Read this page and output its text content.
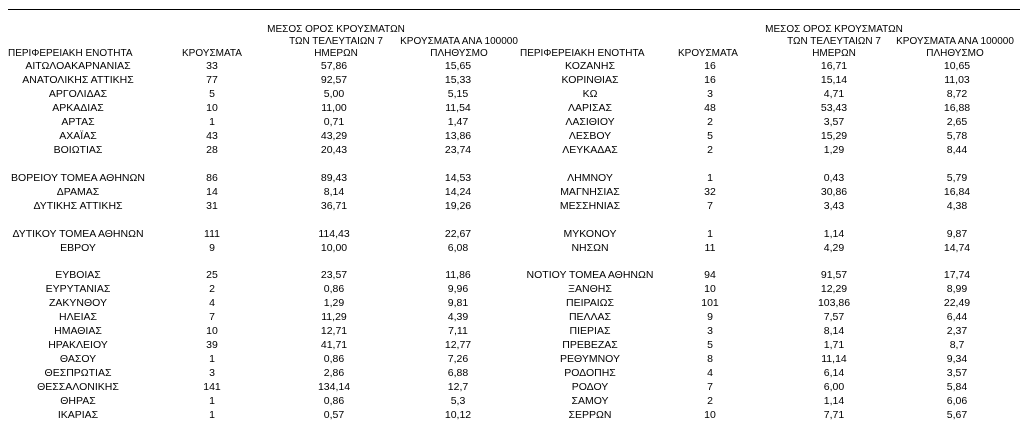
ΠΕΡΙΦΕΡΕΙΑΚΗ ΕΝΟΤΗΤΑ	ΚΡΟΥΣΜΑΤΑ
ΜΕΣΟΣ ΟΡΟΣ ΚΡΟΥΣΜΑΤΩΝ
ΤΩΝ ΤΕΛΕΥΤΑΙΩΝ 7
ΗΜΕΡΩΝ
ΚΡΟΥΣΜΑΤΑ ΑΝΑ 100000
ΠΛΗΘΥΣΜΟ	ΠΕΡΙΦΕΡΕΙΑΚΗ ΕΝΟΤΗΤΑ	ΚΡΟΥΣΜΑΤΑ
ΜΕΣΟΣ ΟΡΟΣ ΚΡΟΥΣΜΑΤΩΝ
ΤΩΝ ΤΕΛΕΥΤΑΙΩΝ 7
ΗΜΕΡΩΝ
ΚΡΟΥΣΜΑΤΑ ΑΝΑ 100000
ΠΛΗΘΥΣΜΟ
ΑΙΤΩΛΟΑΚΑΡΝΑΝΙΑΣ	33	57,86	15,65
ΑΝΑΤΟΛΙΚΗΣ ΑΤΤΙΚΗΣ	77	92,57	15,33
ΑΡΓΟΛΙΔΑΣ	5	5,00	5,15
ΑΡΚΑΔΙΑΣ	10	11,00	11,54
ΑΡΤΑΣ	1	0,71	1,47
ΑΧΑΪΑΣ	43	43,29	13,86
ΒΟΙΩΤΙΑΣ	28	20,43	23,74
ΒΟΡΕΙΟΥ ΤΟΜΕΑ ΑΘΗΝΩΝ	86	89,43	14,53
ΔΡΑΜΑΣ	14	8,14	14,24
ΔΥΤΙΚΗΣ ΑΤΤΙΚΗΣ	31	36,71	19,26
ΔΥΤΙΚΟΥ ΤΟΜΕΑ ΑΘΗΝΩΝ	111	114,43	22,67
ΕΒΡΟΥ	9	10,00	6,08
ΕΥΒΟΙΑΣ	25	23,57	11,86
ΕΥΡΥΤΑΝΙΑΣ	2	0,86	9,96
ΖΑΚΥΝΘΟΥ	4	1,29	9,81
ΗΛΕΙΑΣ	7	11,29	4,39
ΗΜΑΘΙΑΣ	10	12,71	7,11
ΗΡΑΚΛΕΙΟΥ	39	41,71	12,77
ΘΑΣΟΥ	1	0,86	7,26
ΘΕΣΠΡΩΤΙΑΣ	3	2,86	6,88
ΘΕΣΣΑΛΟΝΙΚΗΣ	141	134,14	12,7
ΘΗΡΑΣ	1	0,86	5,3
ΙΚΑΡΙΑΣ	1	0,57	10,12
ΚΟΖΑΝΗΣ	16	16,71	10,65
ΚΟΡΙΝΘΙΑΣ	16	15,14	11,03
ΚΩ	3	4,71	8,72
ΛΑΡΙΣΑΣ	48	53,43	16,88
ΛΑΣΙΘΙΟΥ	2	3,57	2,65
ΛΕΣΒΟΥ	5	15,29	5,78
ΛΕΥΚΑΔΑΣ	2	1,29	8,44
ΛΗΜΝΟΥ	1	0,43	5,79
ΜΑΓΝΗΣΙΑΣ	32	30,86	16,84
ΜΕΣΣΗΝΙΑΣ	7	3,43	4,38
ΜΥΚΟΝΟΥ	1	1,14	9,87
ΝΗΣΩΝ	11	4,29	14,74
ΝΟΤΙΟΥ ΤΟΜΕΑ ΑΘΗΝΩΝ	94	91,57	17,74
ΞΑΝΘΗΣ	10	12,29	8,99
ΠΕΙΡΑΙΩΣ	101	103,86	22,49
ΠΕΛΛΑΣ	9	7,57	6,44
ΠΙΕΡΙΑΣ	3	8,14	2,37
ΠΡΕΒΕΖΑΣ	5	1,71	8,7
ΡΕΘΥΜΝΟΥ	8	11,14	9,34
ΡΟΔΟΠΗΣ	4	6,14	3,57
ΡΟΔΟΥ	7	6,00	5,84
ΣΑΜΟΥ	2	1,14	6,06
ΣΕΡΡΩΝ	10	7,71	5,67
